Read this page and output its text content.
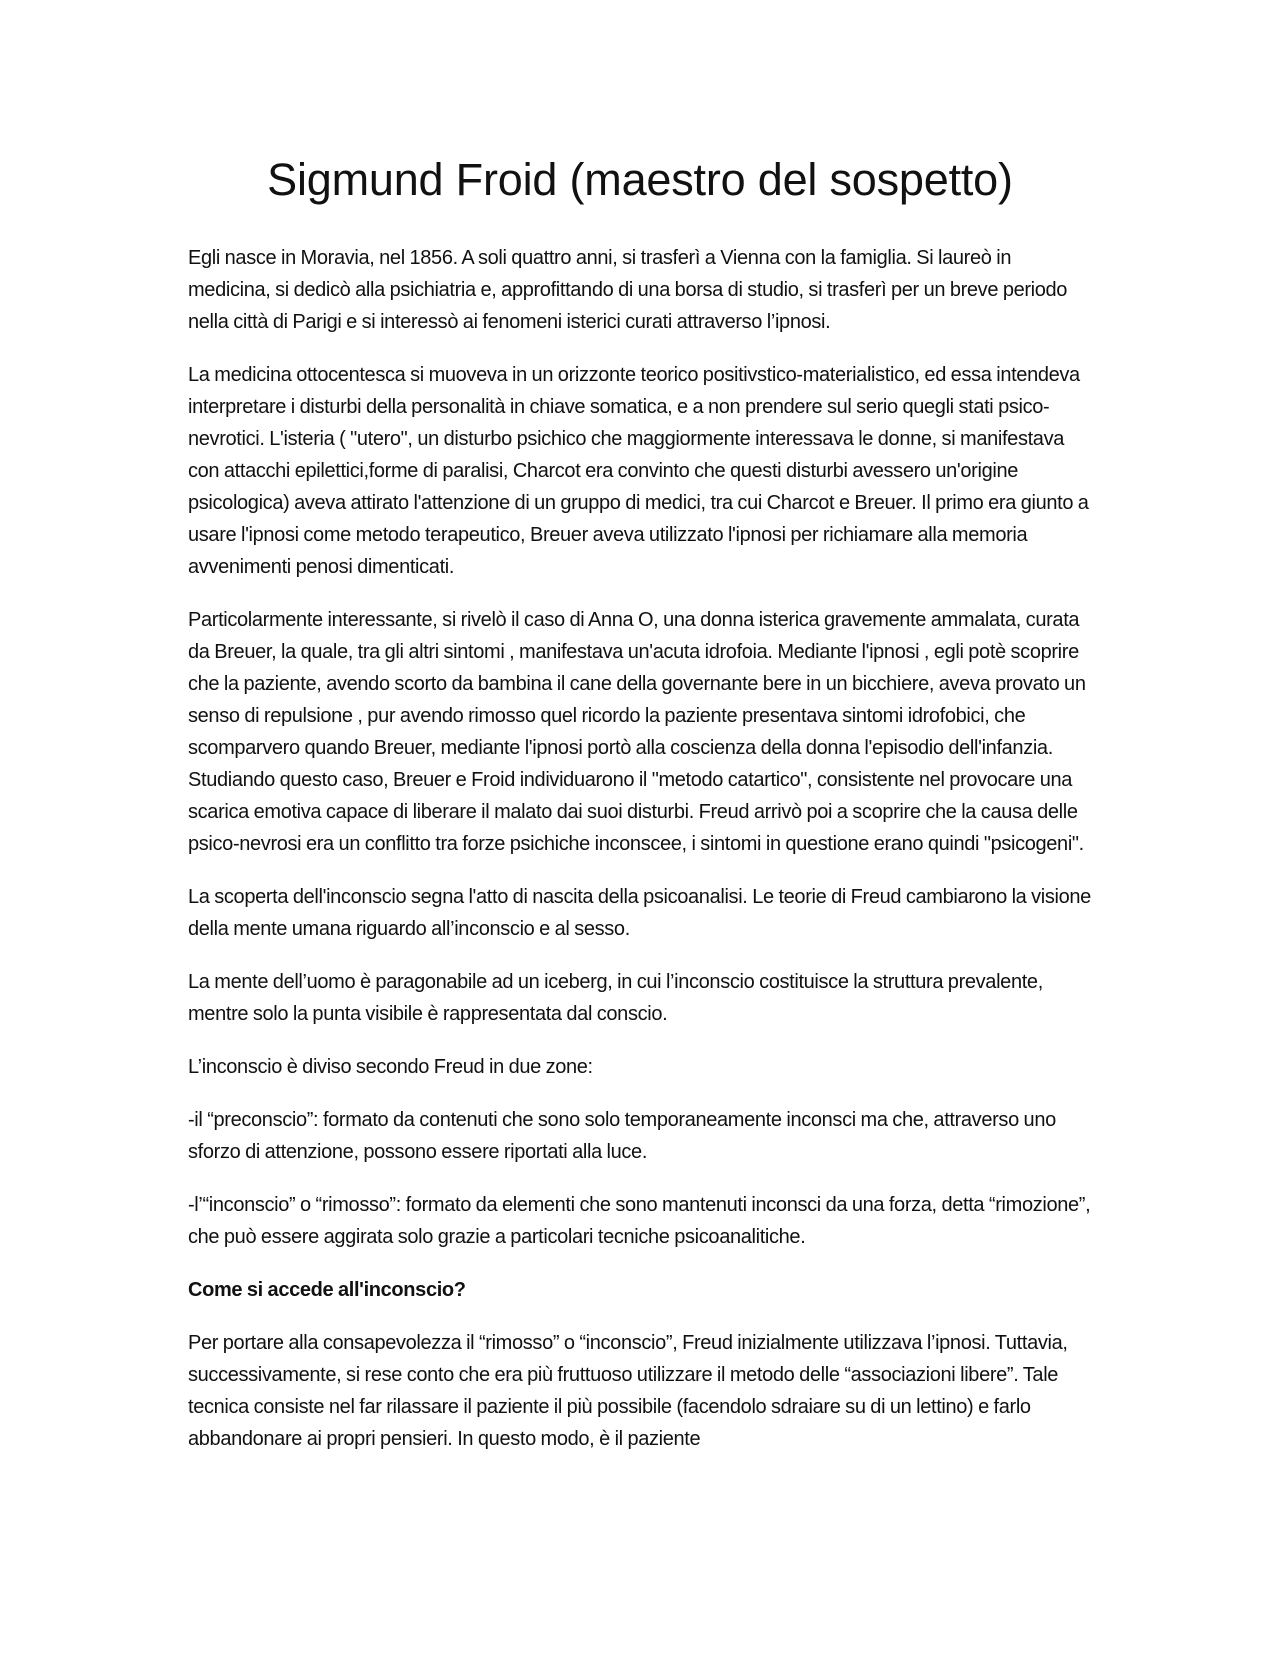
Sigmund Froid (maestro del sospetto)

Egli nasce in Moravia, nel 1856. A soli quattro anni, si trasferì a Vienna con la famiglia. Si laureò in medicina, si dedicò alla psichiatria e, approfittando di una borsa di studio, si trasferì per un breve periodo nella città di Parigi e si interessò ai fenomeni isterici curati attraverso l’ipnosi.

La medicina ottocentesca si muoveva in un orizzonte teorico positivstico-materialistico, ed essa intendeva interpretare i disturbi della personalità in chiave somatica, e a non prendere sul serio quegli stati psico-nevrotici. L'isteria ( "utero", un disturbo psichico che maggiormente interessava le donne, si manifestava con attacchi epilettici,forme di paralisi, Charcot era convinto che questi disturbi avessero un'origine psicologica) aveva attirato l'attenzione di un gruppo di medici, tra cui Charcot e Breuer. Il primo era giunto a usare l'ipnosi come metodo terapeutico, Breuer aveva utilizzato l'ipnosi per richiamare alla memoria avvenimenti penosi dimenticati.

Particolarmente interessante, si rivelò il caso di Anna O, una donna isterica gravemente ammalata, curata da Breuer, la quale, tra gli altri sintomi , manifestava un'acuta idrofoia. Mediante l'ipnosi , egli potè scoprire che la paziente, avendo scorto da bambina il cane della governante bere in un bicchiere, aveva provato un senso di repulsione , pur avendo rimosso quel ricordo la paziente presentava sintomi idrofobici, che scomparvero quando Breuer, mediante l'ipnosi portò alla coscienza della donna l'episodio dell'infanzia. Studiando questo caso, Breuer e Froid individuarono il "metodo catartico", consistente nel provocare una scarica emotiva capace di liberare il malato dai suoi disturbi. Freud arrivò poi a scoprire che la causa delle psico-nevrosi era un conflitto tra forze psichiche inconscee, i sintomi in questione erano quindi "psicogeni".

La scoperta dell'inconscio segna l'atto di nascita della psicoanalisi. Le teorie di Freud cambiarono la visione della mente umana riguardo all’inconscio e al sesso.

La mente dell’uomo è paragonabile ad un iceberg, in cui l’inconscio costituisce la struttura prevalente, mentre solo la punta visibile è rappresentata dal conscio.

L’inconscio è diviso secondo Freud in due zone:

-il “preconscio”: formato da contenuti che sono solo temporaneamente inconsci ma che, attraverso uno sforzo di attenzione, possono essere riportati alla luce.

-l’“inconscio” o “rimosso”: formato da elementi che sono mantenuti inconsci da una forza, detta “rimozione”, che può essere aggirata solo grazie a particolari tecniche psicoanalitiche.

Come si accede all'inconscio?

Per portare alla consapevolezza il “rimosso” o “inconscio”, Freud inizialmente utilizzava l’ipnosi. Tuttavia, successivamente, si rese conto che era più fruttuoso utilizzare il metodo delle “associazioni libere”. Tale tecnica consiste nel far rilassare il paziente il più possibile (facendolo sdraiare su di un lettino) e farlo abbandonare ai propri pensieri. In questo modo, è il paziente
